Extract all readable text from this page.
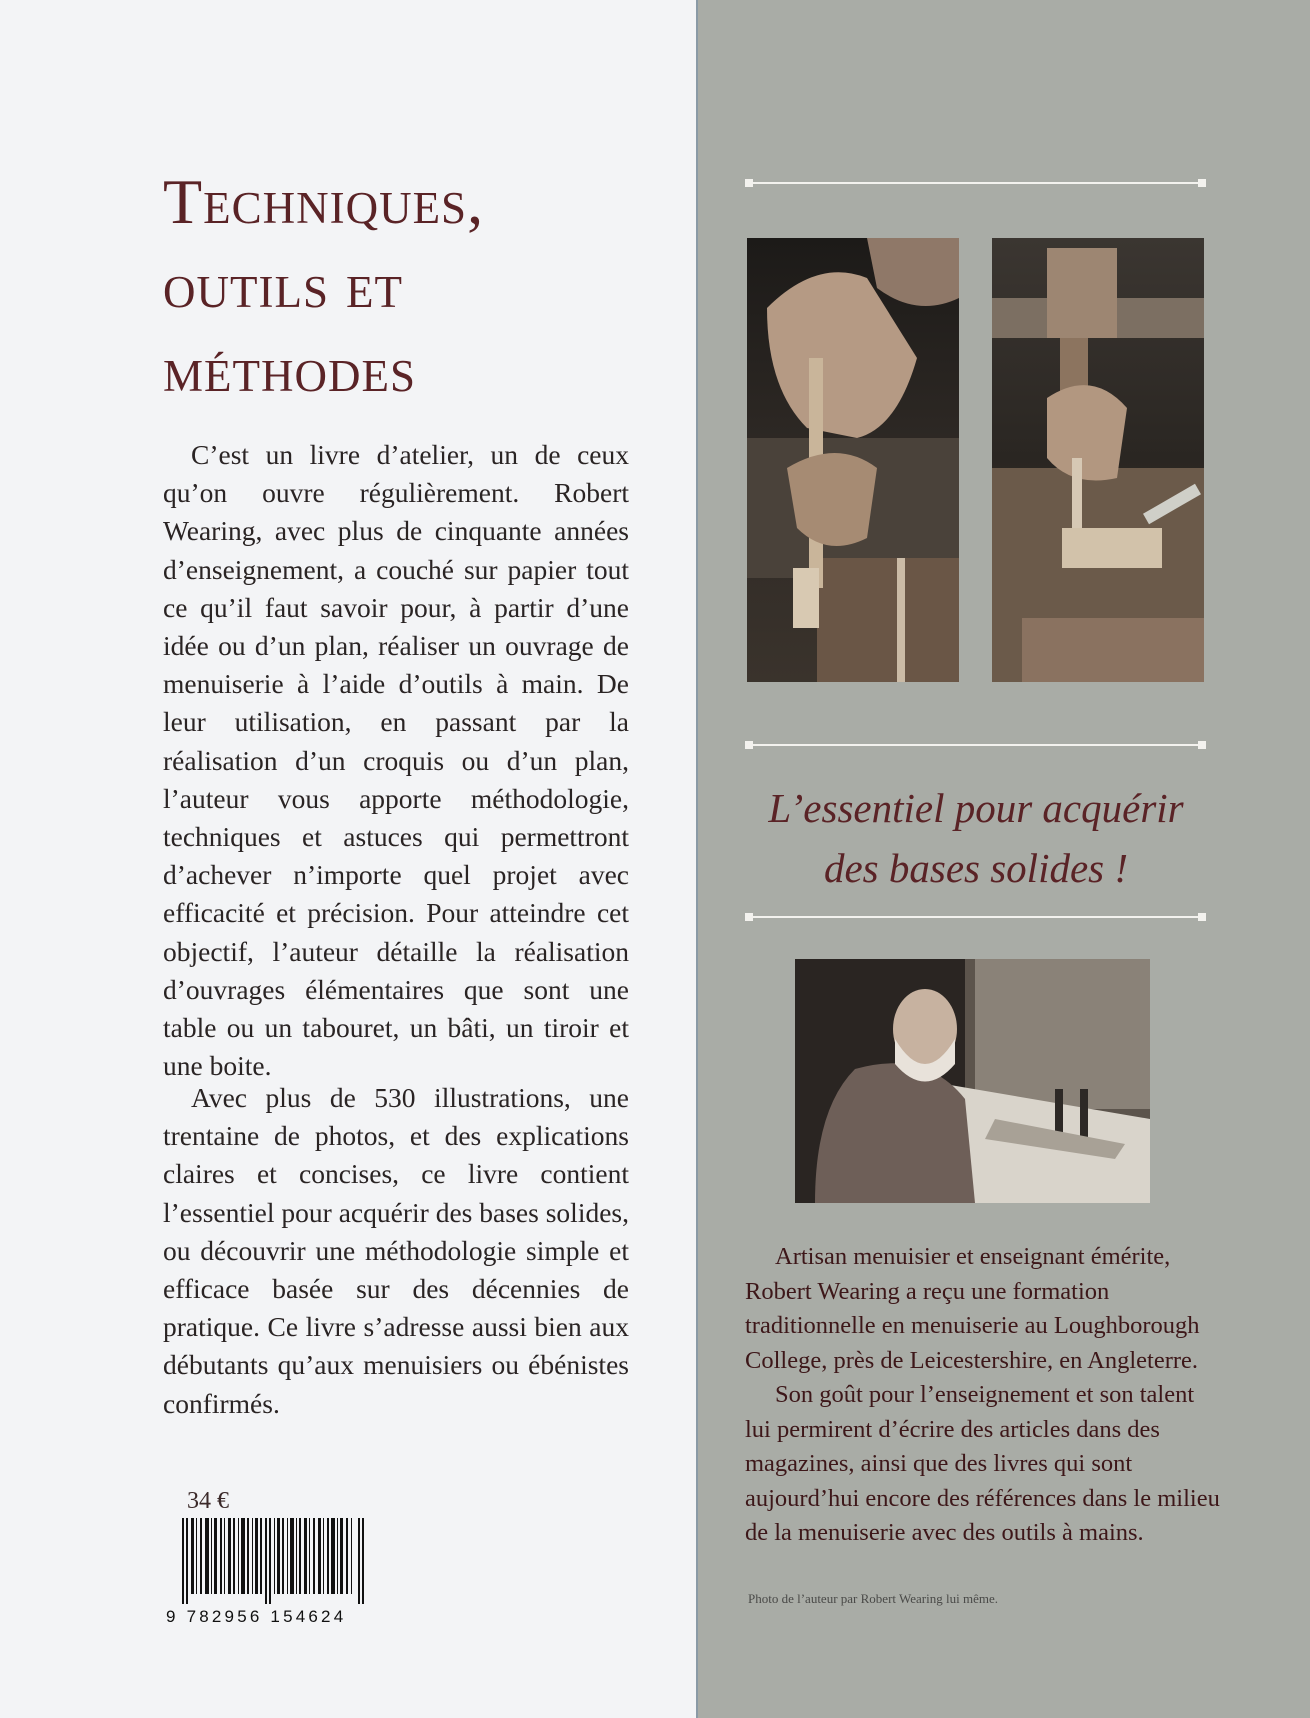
Techniques,
outils et
méthodes
C’est un livre d’atelier, un de ceux qu’on ouvre régulièrement. Robert Wearing, avec plus de cinquante années d’enseignement, a couché sur papier tout ce qu’il faut savoir pour, à partir d’une idée ou d’un plan, réaliser un ouvrage de menuiserie à l’aide d’outils à main. De leur utilisation, en passant par la réalisation d’un croquis ou d’un plan, l’auteur vous apporte méthodologie, techniques et astuces qui permettront d’achever n’importe quel projet avec efficacité et précision. Pour atteindre cet objectif, l’auteur détaille la réalisation d’ouvrages élémentaires que sont une table ou un tabouret, un bâti, un tiroir et une boite.
Avec plus de 530 illustrations, une trentaine de photos, et des explications claires et concises, ce livre contient l’essentiel pour acquérir des bases solides, ou découvrir une méthodologie simple et efficace basée sur des décennies de pratique. Ce livre s’adresse aussi bien aux débutants qu’aux menuisiers ou ébénistes confirmés.
34 €
9 782956 154624
L’essentiel pour acquérir
des bases solides !

Artisan menuisier et enseignant émérite, Robert Wearing a reçu une formation traditionnelle en menuiserie au Loughborough College, près de Leicestershire, en Angleterre.

Son goût pour l’enseignement et son talent lui permirent d’écrire des articles dans des magazines, ainsi que des livres qui sont aujourd’hui encore des références dans le milieu de la menuiserie avec des outils à mains.

Photo de l’auteur par Robert Wearing lui même.
